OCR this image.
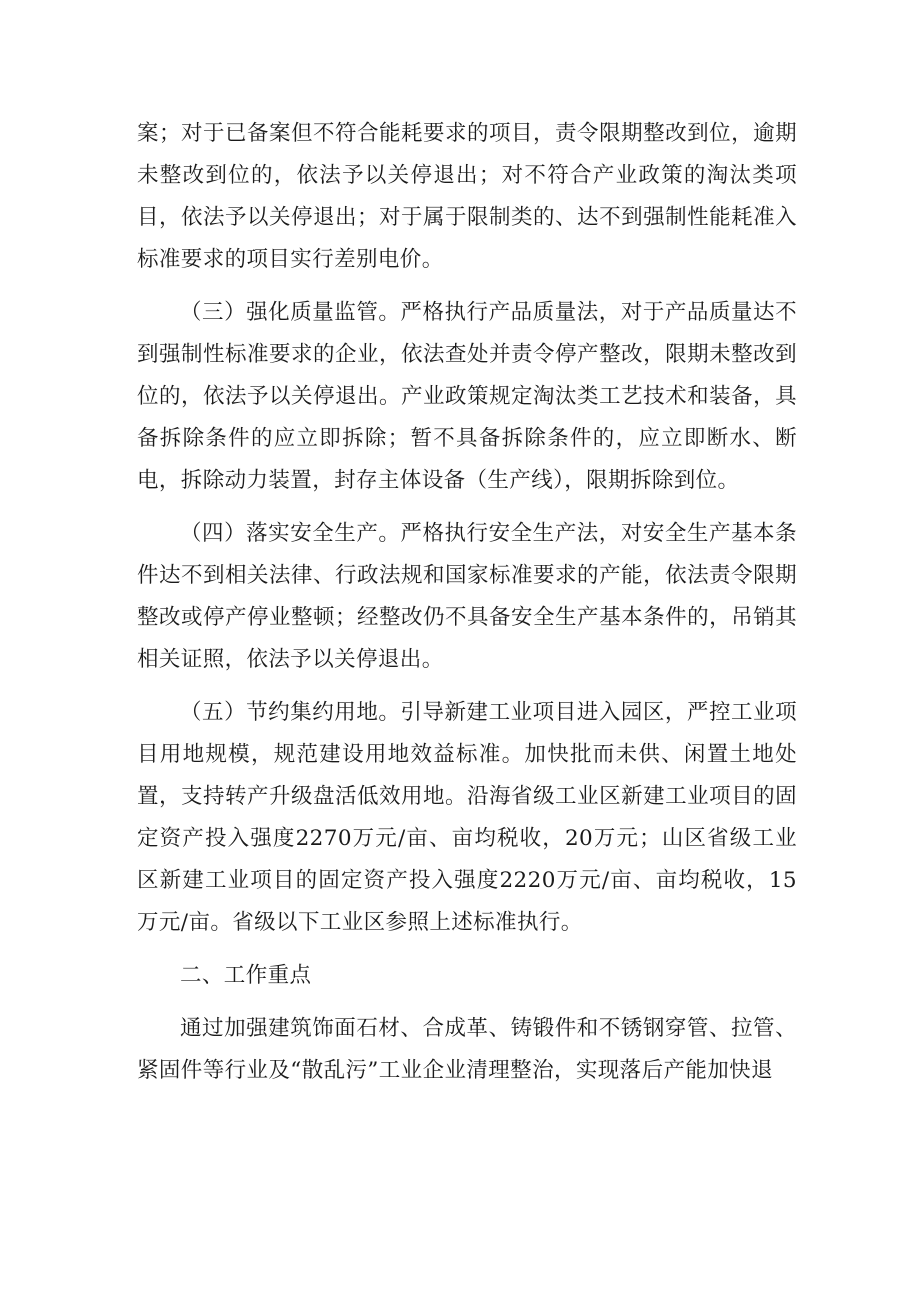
案；对于已备案但不符合能耗要求的项目，责令限期整改到位，逾期未整改到位的，依法予以关停退出；对不符合产业政策的淘汰类项目，依法予以关停退出；对于属于限制类的、达不到强制性能耗准入标准要求的项目实行差别电价。

（三）强化质量监管。严格执行产品质量法，对于产品质量达不到强制性标准要求的企业，依法查处并责令停产整改，限期未整改到位的，依法予以关停退出。产业政策规定淘汰类工艺技术和装备，具备拆除条件的应立即拆除；暂不具备拆除条件的，应立即断水、断电，拆除动力装置，封存主体设备（生产线），限期拆除到位。

（四）落实安全生产。严格执行安全生产法，对安全生产基本条件达不到相关法律、行政法规和国家标准要求的产能，依法责令限期整改或停产停业整顿；经整改仍不具备安全生产基本条件的，吊销其相关证照，依法予以关停退出。

（五）节约集约用地。引导新建工业项目进入园区，严控工业项目用地规模，规范建设用地效益标准。加快批而未供、闲置土地处置，支持转产升级盘活低效用地。沿海省级工业区新建工业项目的固定资产投入强度2270万元/亩、亩均税收，20万元；山区省级工业区新建工业项目的固定资产投入强度2220万元/亩、亩均税收，15万元/亩。省级以下工业区参照上述标准执行。

二、工作重点

通过加强建筑饰面石材、合成革、铸锻件和不锈钢穿管、拉管、紧固件等行业及“散乱污”工业企业清理整治，实现落后产能加快退
